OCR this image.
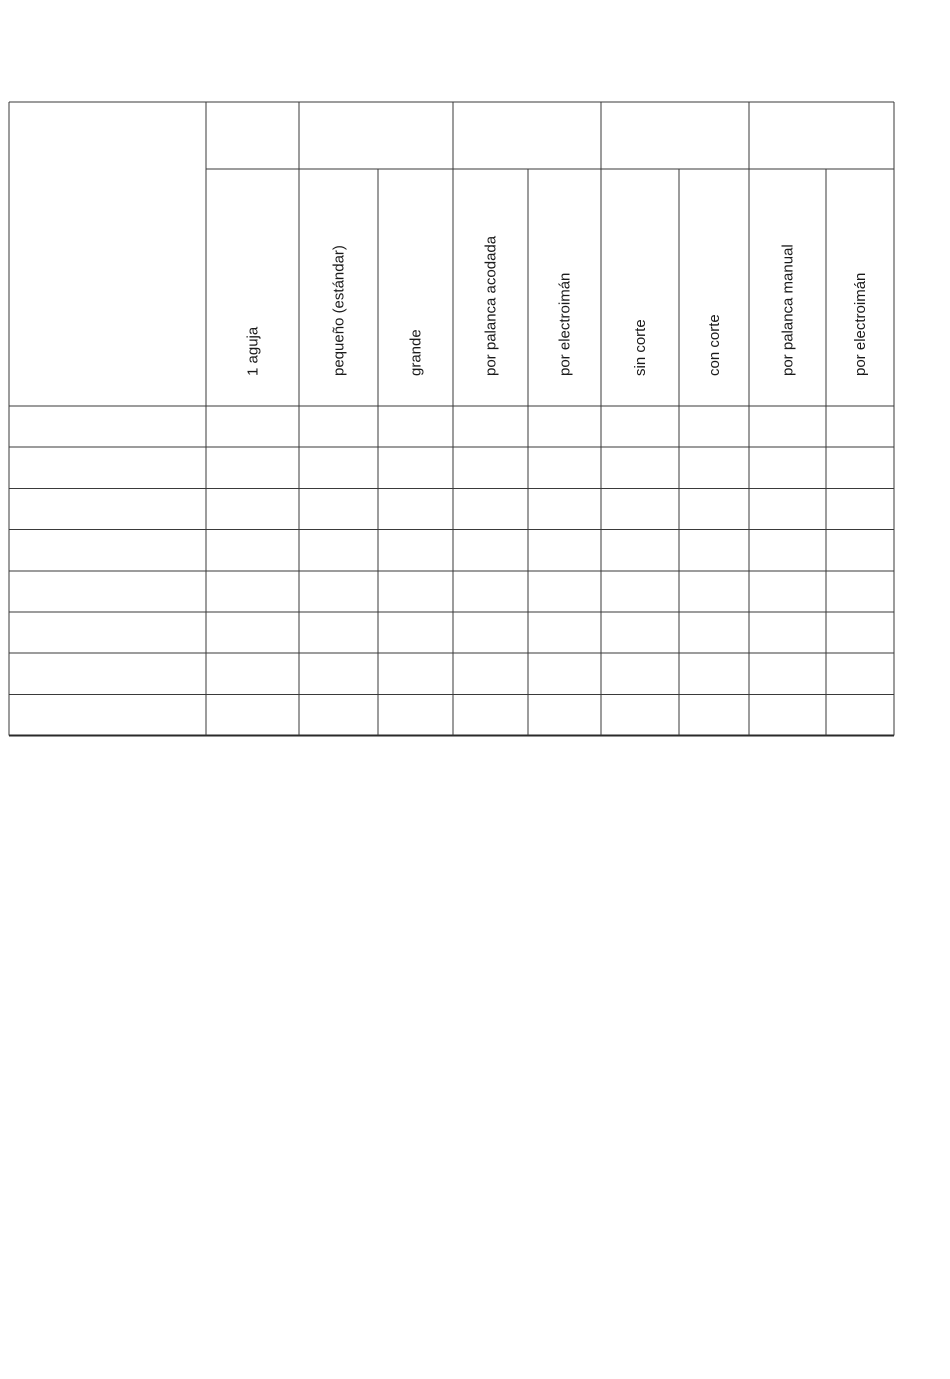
1 aguja	pequeño (estándar)	grande	por palanca acodada	por electroimán	sin corte	con corte	por palanca manual	por electroimán
